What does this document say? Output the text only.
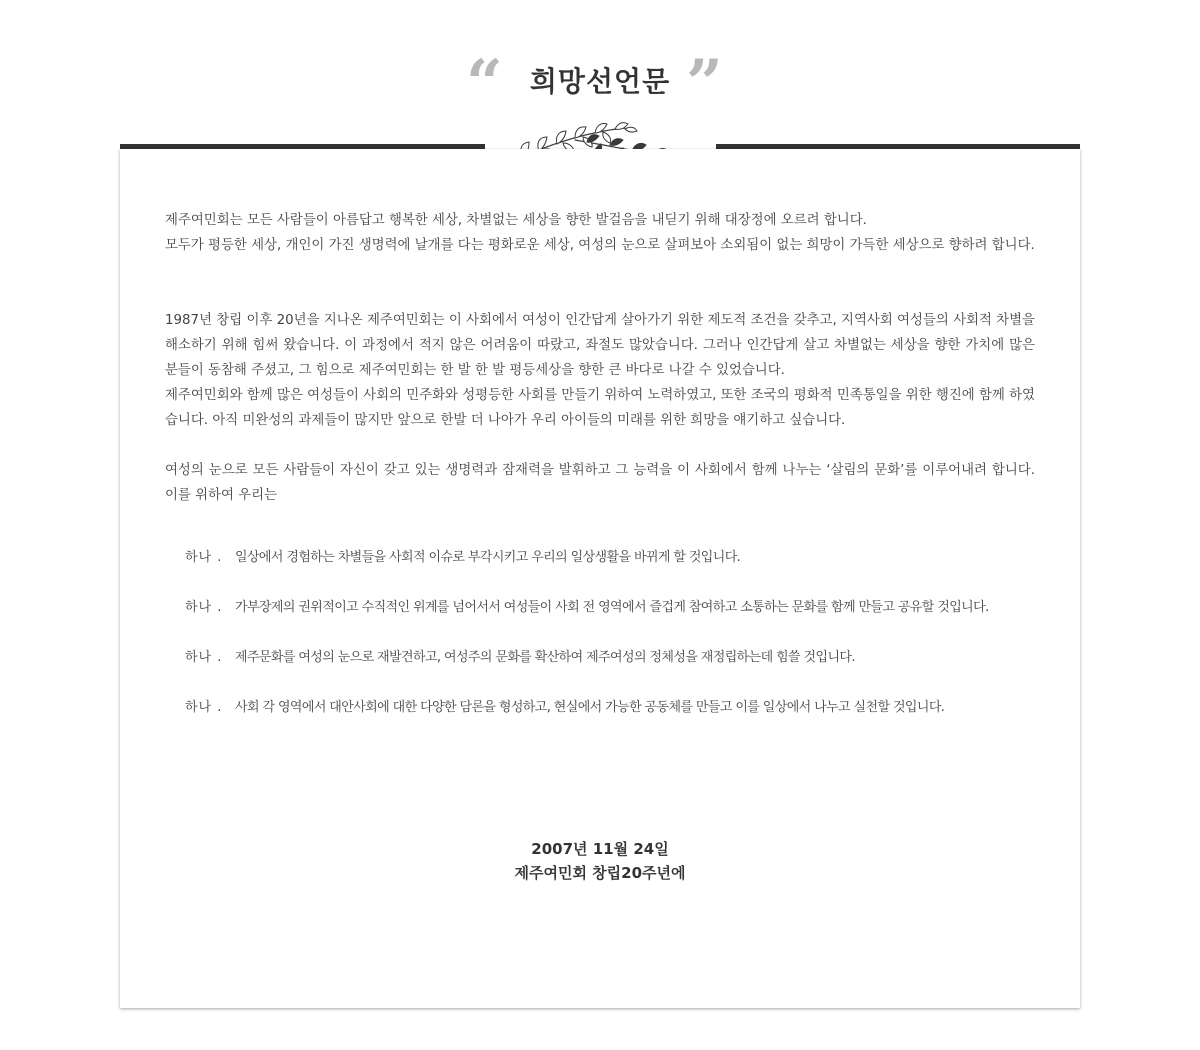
“ 희망선언문 ”

제주여민회는 모든 사람들이 아름답고 행복한 세상, 차별없는 세상을 향한 발걸음을 내딛기 위해 대장정에 오르려 합니다.
모두가 평등한 세상, 개인이 가진 생명력에 날개를 다는 평화로운 세상, 여성의 눈으로 살펴보아 소외됨이 없는 희망이 가득한 세상으로 향하려 합니다.

1987년 창립 이후 20년을 지나온 제주여민회는 이 사회에서 여성이 인간답게 살아가기 위한 제도적 조건을 갖추고, 지역사회 여성들의 사회적 차별을 해소하기 위해 힘써 왔습니다. 이 과정에서 적지 않은 어려움이 따랐고, 좌절도 많았습니다. 그러나 인간답게 살고 차별없는 세상을 향한 가치에 많은 분들이 동참해 주셨고, 그 힘으로 제주여민회는 한 발 한 발 평등세상을 향한 큰 바다로 나갈 수 있었습니다.
제주여민회와 함께 많은 여성들이 사회의 민주화와 성평등한 사회를 만들기 위하여 노력하였고, 또한 조국의 평화적 민족통일을 위한 행진에 함께 하였습니다. 아직 미완성의 과제들이 많지만 앞으로 한발 더 나아가 우리 아이들의 미래를 위한 희망을 얘기하고 싶습니다.

여성의 눈으로 모든 사람들이 자신이 갖고 있는 생명력과 잠재력을 발휘하고 그 능력을 이 사회에서 함께 나누는 ‘살림의 문화’를 이루어내려 합니다. 이를 위하여 우리는

하나 . 일상에서 경험하는 차별들을 사회적 이슈로 부각시키고 우리의 일상생활을 바뀌게 할 것입니다.
하나 . 가부장제의 권위적이고 수직적인 위계를 넘어서서 여성들이 사회 전 영역에서 즐겁게 참여하고 소통하는 문화를 함께 만들고 공유할 것입니다.
하나 . 제주문화를 여성의 눈으로 재발견하고, 여성주의 문화를 확산하여 제주여성의 정체성을 재정립하는데 힘쓸 것입니다.
하나 . 사회 각 영역에서 대안사회에 대한 다양한 담론을 형성하고, 현실에서 가능한 공동체를 만들고 이를 일상에서 나누고 실천할 것입니다.
2007년 11월 24일
제주여민회 창립20주년에
